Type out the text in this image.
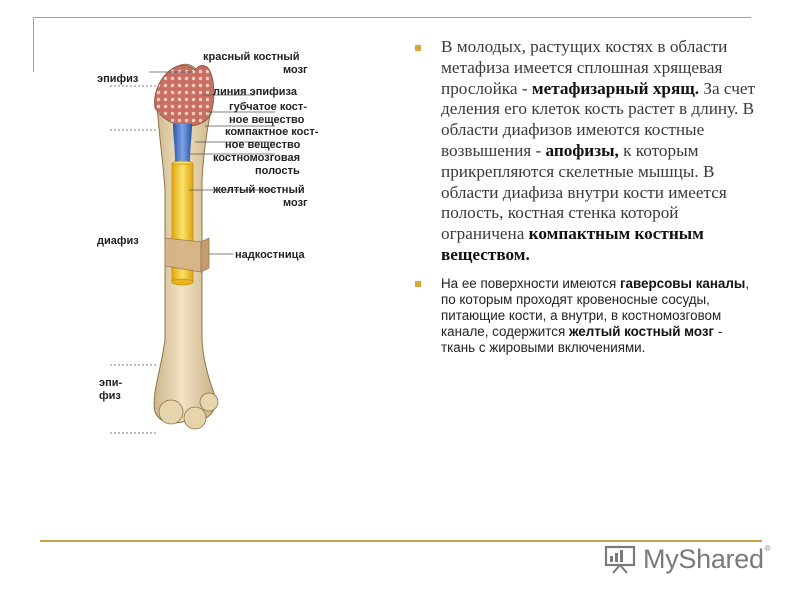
эпифиз
красный костный
мозг
линия эпифиза
губчатое кост-
ное вещество
компактное кост-
ное вещество
костномозговая
полость
желтый костный
мозг
диафиз
надкостница
эпи-
физ
В молодых, растущих костях в области метафиза имеется сплошная хрящевая прослойка - метафизарный хрящ. За счет деления его клеток кость растет в длину. В области диафизов имеются костные возвышения - апофизы, к которым прикрепляются скелетные мышцы. В области диафиза внутри кости имеется полость, костная стенка которой ограничена компактным костным веществом.
На ее поверхности имеются гаверсовы каналы, по которым проходят кровеносные сосуды, питающие кости, а внутри, в костномозговом канале, содержится желтый костный мозг - ткань с жировыми включениями.
MyShared®
